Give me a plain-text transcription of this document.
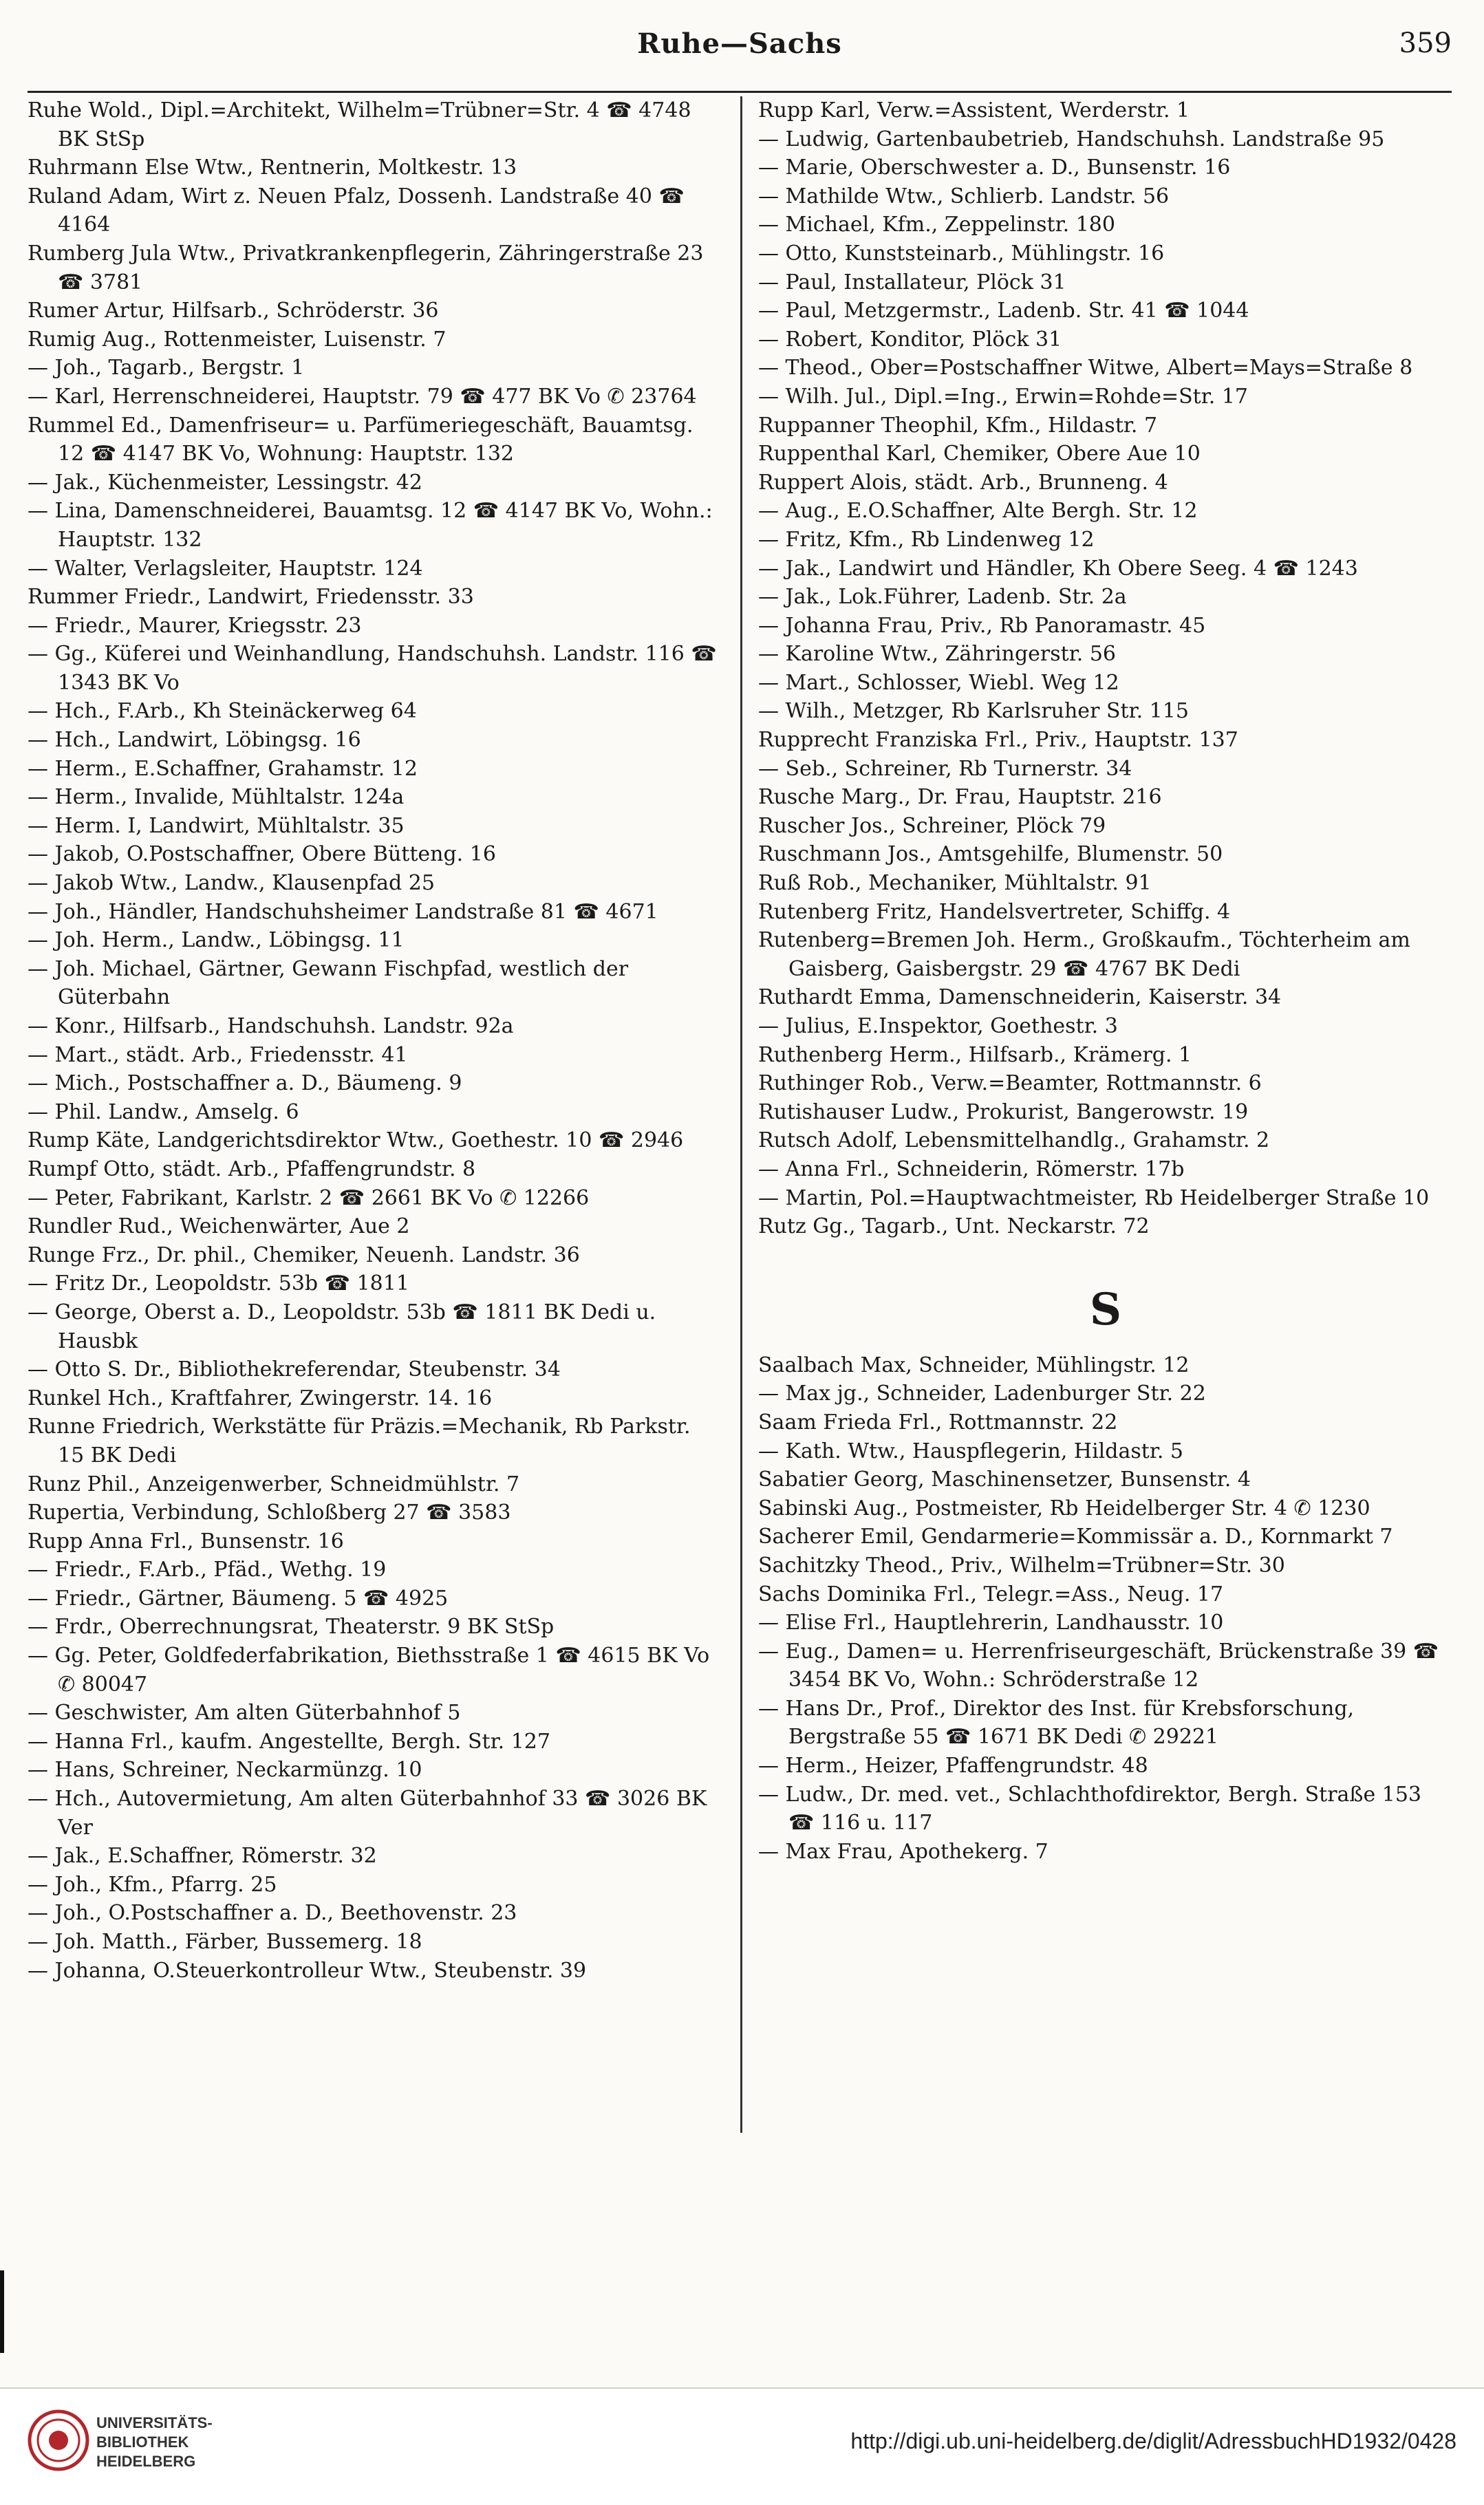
Ruhe—Sachs	359
Ruhe Wold., Dipl.=Architekt, Wilhelm=Trübner=Str. 4 ☎ 4748 BK StSp
Ruhrmann Else Wtw., Rentnerin, Moltkestr. 13
Ruland Adam, Wirt z. Neuen Pfalz, Dossenh. Landstraße 40 ☎ 4164
Rumberg Jula Wtw., Privatkrankenpflegerin, Zähringerstraße 23 ☎ 3781
Rumer Artur, Hilfsarb., Schröderstr. 36
Rumig Aug., Rottenmeister, Luisenstr. 7
— Joh., Tagarb., Bergstr. 1
— Karl, Herrenschneiderei, Hauptstr. 79 ☎ 477 BK Vo ✆ 23764
Rummel Ed., Damenfriseur= u. Parfümeriegeschäft, Bauamtsg. 12 ☎ 4147 BK Vo, Wohnung: Hauptstr. 132
— Jak., Küchenmeister, Lessingstr. 42
— Lina, Damenschneiderei, Bauamtsg. 12 ☎ 4147 BK Vo, Wohn.: Hauptstr. 132
— Walter, Verlagsleiter, Hauptstr. 124
Rummer Friedr., Landwirt, Friedensstr. 33
— Friedr., Maurer, Kriegsstr. 23
— Gg., Küferei und Weinhandlung, Handschuhsh. Landstr. 116 ☎ 1343 BK Vo
— Hch., F.Arb., Kh Steinäckerweg 64
— Hch., Landwirt, Löbingsg. 16
— Herm., E.Schaffner, Grahamstr. 12
— Herm., Invalide, Mühltalstr. 124a
— Herm. I, Landwirt, Mühltalstr. 35
— Jakob, O.Postschaffner, Obere Bütteng. 16
— Jakob Wtw., Landw., Klausenpfad 25
— Joh., Händler, Handschuhsheimer Landstraße 81 ☎ 4671
— Joh. Herm., Landw., Löbingsg. 11
— Joh. Michael, Gärtner, Gewann Fischpfad, westlich der Güterbahn
— Konr., Hilfsarb., Handschuhsh. Landstr. 92a
— Mart., städt. Arb., Friedensstr. 41
— Mich., Postschaffner a. D., Bäumeng. 9
— Phil. Landw., Amselg. 6
Rump Käte, Landgerichtsdirektor Wtw., Goethestr. 10 ☎ 2946
Rumpf Otto, städt. Arb., Pfaffengrundstr. 8
— Peter, Fabrikant, Karlstr. 2 ☎ 2661 BK Vo ✆ 12266
Rundler Rud., Weichenwärter, Aue 2
Runge Frz., Dr. phil., Chemiker, Neuenh. Landstr. 36
— Fritz Dr., Leopoldstr. 53b ☎ 1811
— George, Oberst a. D., Leopoldstr. 53b ☎ 1811 BK Dedi u. Hausbk
— Otto S. Dr., Bibliothekreferendar, Steubenstr. 34
Runkel Hch., Kraftfahrer, Zwingerstr. 14. 16
Runne Friedrich, Werkstätte für Präzis.=Mechanik, Rb Parkstr. 15 BK Dedi
Runz Phil., Anzeigenwerber, Schneidmühlstr. 7
Rupertia, Verbindung, Schloßberg 27 ☎ 3583
Rupp Anna Frl., Bunsenstr. 16
— Friedr., F.Arb., Pfäd., Wethg. 19
— Friedr., Gärtner, Bäumeng. 5 ☎ 4925
— Frdr., Oberrechnungsrat, Theaterstr. 9 BK StSp
— Gg. Peter, Goldfederfabrikation, Biethsstraße 1 ☎ 4615 BK Vo ✆ 80047
— Geschwister, Am alten Güterbahnhof 5
— Hanna Frl., kaufm. Angestellte, Bergh. Str. 127
— Hans, Schreiner, Neckarmünzg. 10
— Hch., Autovermietung, Am alten Güterbahnhof 33 ☎ 3026 BK Ver
— Jak., E.Schaffner, Römerstr. 32
— Joh., Kfm., Pfarrg. 25
— Joh., O.Postschaffner a. D., Beethovenstr. 23
— Joh. Matth., Färber, Bussemerg. 18
— Johanna, O.Steuerkontrolleur Wtw., Steubenstr. 39
Rupp Karl, Verw.=Assistent, Werderstr. 1
— Ludwig, Gartenbaubetrieb, Handschuhsh. Landstraße 95
— Marie, Oberschwester a. D., Bunsenstr. 16
— Mathilde Wtw., Schlierb. Landstr. 56
— Michael, Kfm., Zeppelinstr. 180
— Otto, Kunststeinarb., Mühlingstr. 16
— Paul, Installateur, Plöck 31
— Paul, Metzgermstr., Ladenb. Str. 41 ☎ 1044
— Robert, Konditor, Plöck 31
— Theod., Ober=Postschaffner Witwe, Albert=Mays=Straße 8
— Wilh. Jul., Dipl.=Ing., Erwin=Rohde=Str. 17
Ruppanner Theophil, Kfm., Hildastr. 7
Ruppenthal Karl, Chemiker, Obere Aue 10
Ruppert Alois, städt. Arb., Brunneng. 4
— Aug., E.O.Schaffner, Alte Bergh. Str. 12
— Fritz, Kfm., Rb Lindenweg 12
— Jak., Landwirt und Händler, Kh Obere Seeg. 4 ☎ 1243
— Jak., Lok.Führer, Ladenb. Str. 2a
— Johanna Frau, Priv., Rb Panoramastr. 45
— Karoline Wtw., Zähringerstr. 56
— Mart., Schlosser, Wiebl. Weg 12
— Wilh., Metzger, Rb Karlsruher Str. 115
Rupprecht Franziska Frl., Priv., Hauptstr. 137
— Seb., Schreiner, Rb Turnerstr. 34
Rusche Marg., Dr. Frau, Hauptstr. 216
Ruscher Jos., Schreiner, Plöck 79
Ruschmann Jos., Amtsgehilfe, Blumenstr. 50
Ruß Rob., Mechaniker, Mühltalstr. 91
Rutenberg Fritz, Handelsvertreter, Schiffg. 4
Rutenberg=Bremen Joh. Herm., Großkaufm., Töchterheim am Gaisberg, Gaisbergstr. 29 ☎ 4767 BK Dedi
Ruthardt Emma, Damenschneiderin, Kaiserstr. 34
— Julius, E.Inspektor, Goethestr. 3
Ruthenberg Herm., Hilfsarb., Krämerg. 1
Ruthinger Rob., Verw.=Beamter, Rottmannstr. 6
Rutishauser Ludw., Prokurist, Bangerowstr. 19
Rutsch Adolf, Lebensmittelhandlg., Grahamstr. 2
— Anna Frl., Schneiderin, Römerstr. 17b
— Martin, Pol.=Hauptwachtmeister, Rb Heidelberger Straße 10
Rutz Gg., Tagarb., Unt. Neckarstr. 72
S
Saalbach Max, Schneider, Mühlingstr. 12
— Max jg., Schneider, Ladenburger Str. 22
Saam Frieda Frl., Rottmannstr. 22
— Kath. Wtw., Hauspflegerin, Hildastr. 5
Sabatier Georg, Maschinensetzer, Bunsenstr. 4
Sabinski Aug., Postmeister, Rb Heidelberger Str. 4 ✆ 1230
Sacherer Emil, Gendarmerie=Kommissär a. D., Kornmarkt 7
Sachitzky Theod., Priv., Wilhelm=Trübner=Str. 30
Sachs Dominika Frl., Telegr.=Ass., Neug. 17
— Elise Frl., Hauptlehrerin, Landhausstr. 10
— Eug., Damen= u. Herrenfriseurgeschäft, Brückenstraße 39 ☎ 3454 BK Vo, Wohn.: Schröderstraße 12
— Hans Dr., Prof., Direktor des Inst. für Krebsforschung, Bergstraße 55 ☎ 1671 BK Dedi ✆ 29221
— Herm., Heizer, Pfaffengrundstr. 48
— Ludw., Dr. med. vet., Schlachthofdirektor, Bergh. Straße 153 ☎ 116 u. 117
— Max Frau, Apothekerg. 7
UNIVERSITÄTS-
BIBLIOTHEK
HEIDELBERG
http://digi.ub.uni-heidelberg.de/diglit/AdressbuchHD1932/0428
